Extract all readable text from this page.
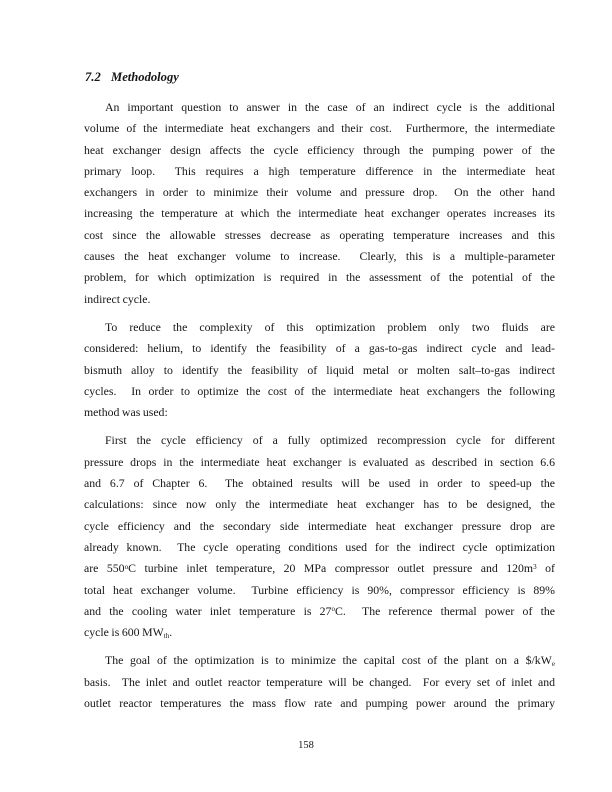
7.2 Methodology
An important question to answer in the case of an indirect cycle is the additional
volume of the intermediate heat exchangers and their cost.  Furthermore, the intermediate
heat exchanger design affects the cycle efficiency through the pumping power of the
primary loop.  This requires a high temperature difference in the intermediate heat
exchangers in order to minimize their volume and pressure drop.  On the other hand
increasing the temperature at which the intermediate heat exchanger operates increases its
cost since the allowable stresses decrease as operating temperature increases and this
causes the heat exchanger volume to increase.  Clearly, this is a multiple-parameter
problem, for which optimization is required in the assessment of the potential of the
indirect cycle.
To reduce the complexity of this optimization problem only two fluids are
considered: helium, to identify the feasibility of a gas-to-gas indirect cycle and lead-
bismuth alloy to identify the feasibility of liquid metal or molten salt–to-gas indirect
cycles.  In order to optimize the cost of the intermediate heat exchangers the following
method was used:
First the cycle efficiency of a fully optimized recompression cycle for different
pressure drops in the intermediate heat exchanger is evaluated as described in section 6.6
and 6.7 of Chapter 6.  The obtained results will be used in order to speed-up the
calculations: since now only the intermediate heat exchanger has to be designed, the
cycle efficiency and the secondary side intermediate heat exchanger pressure drop are
already known.  The cycle operating conditions used for the indirect cycle optimization
are 550$^o$C turbine inlet temperature, 20 MPa compressor outlet pressure and $120m^3$ of
total heat exchanger volume.  Turbine efficiency is 90%, compressor efficiency is 89%
and the cooling water inlet temperature is 27$^o$C.  The reference thermal power of the
cycle is 600 $MW_{th}$.
The goal of the optimization is to minimize the capital cost of the plant on a $\$/kW_e$
basis.  The inlet and outlet reactor temperature will be changed.  For every set of inlet and
outlet reactor temperatures the mass flow rate and pumping power around the primary
158
